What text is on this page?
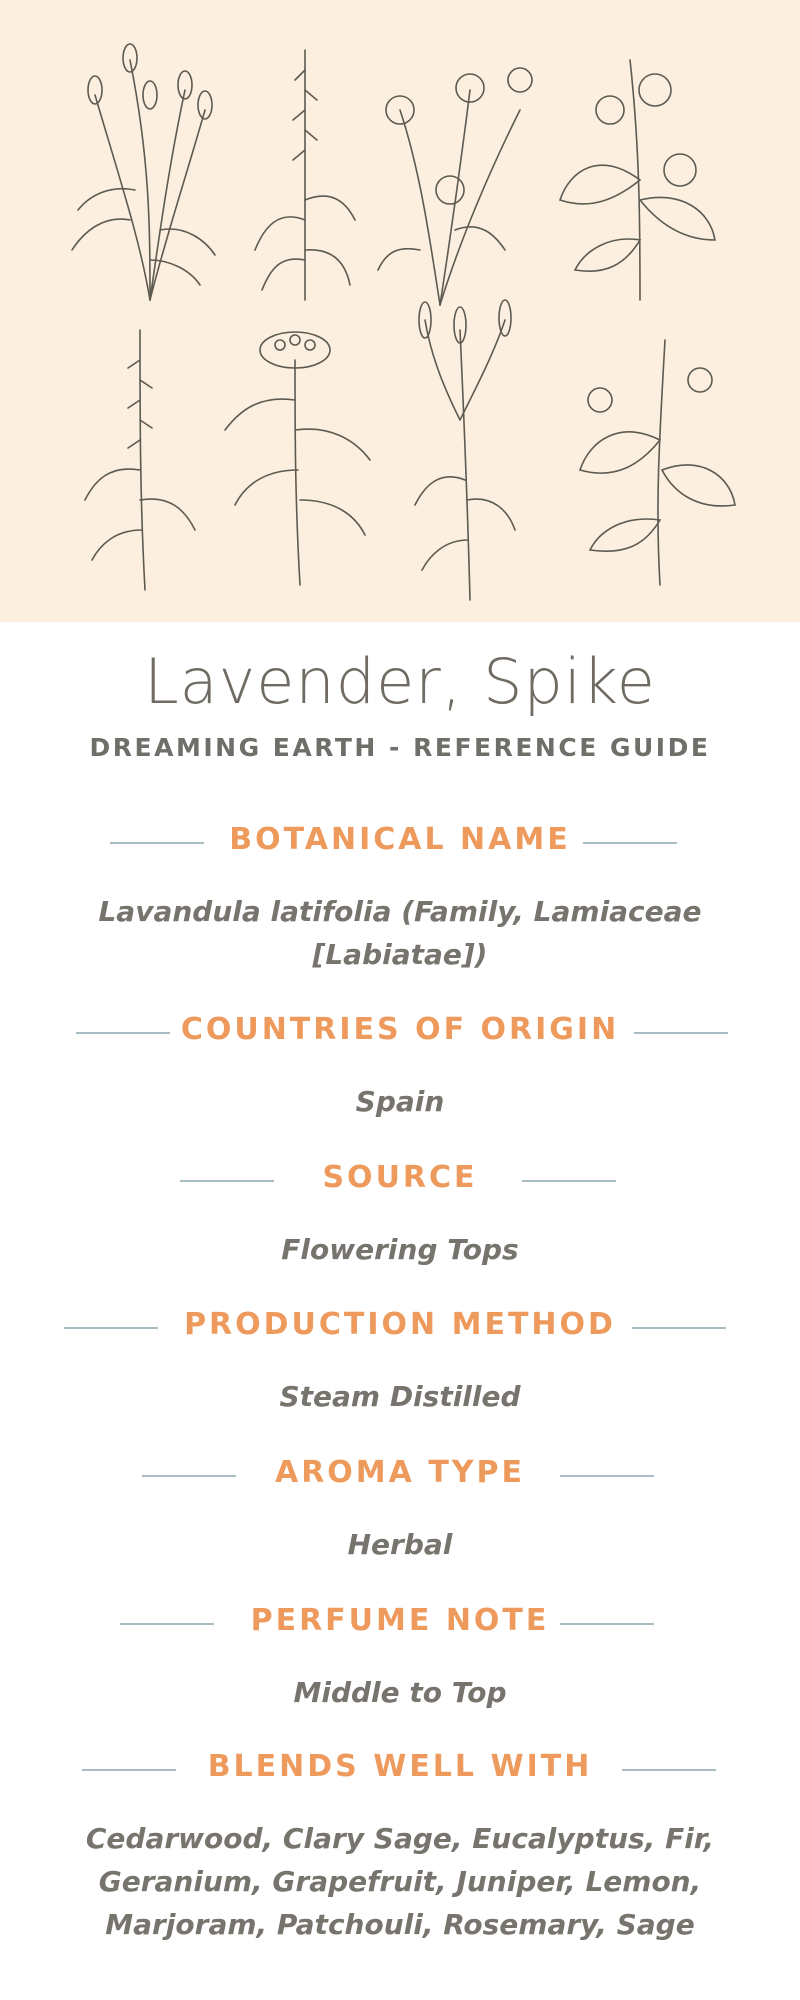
Lavender, Spike
DREAMING EARTH - REFERENCE GUIDE
BOTANICAL NAME
Lavandula latifolia (Family, Lamiaceae
[Labiatae])
COUNTRIES OF ORIGIN
Spain
SOURCE
Flowering Tops
PRODUCTION METHOD
Steam Distilled
AROMA TYPE
Herbal
PERFUME NOTE
Middle to Top
BLENDS WELL WITH
Cedarwood, Clary Sage, Eucalyptus, Fir,
Geranium, Grapefruit, Juniper, Lemon,
Marjoram, Patchouli, Rosemary, Sage
